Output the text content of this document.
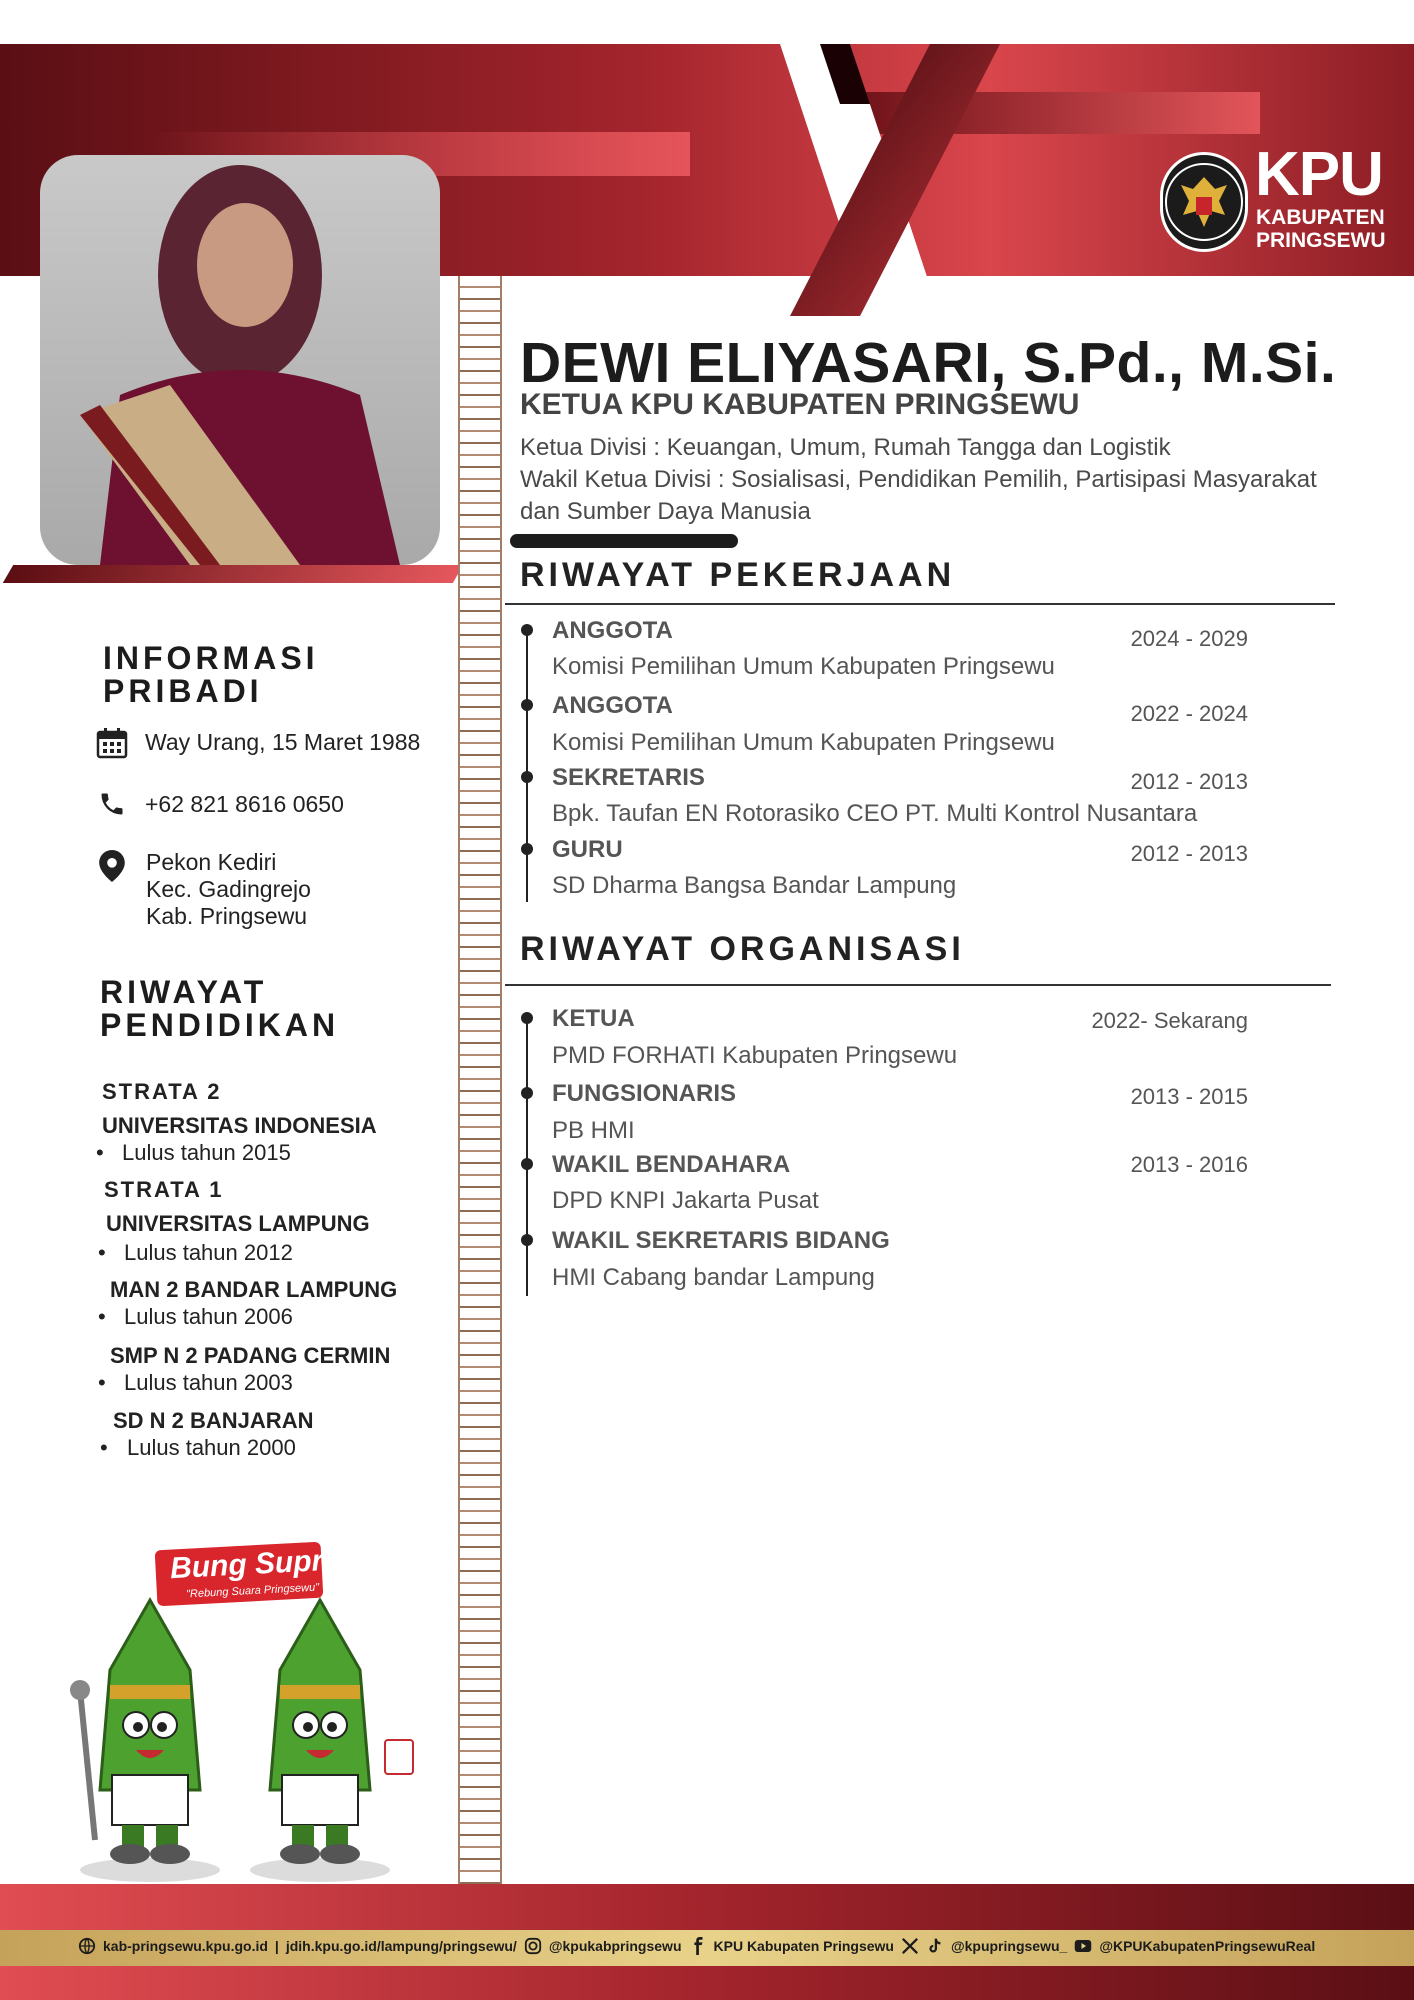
KPU
KABUPATEN
PRINGSEWU
DEWI ELIYASARI, S.Pd., M.Si.
KETUA KPU KABUPATEN PRINGSEWU
Ketua Divisi : Keuangan, Umum, Rumah Tangga dan Logistik
Wakil Ketua Divisi : Sosialisasi, Pendidikan Pemilih, Partisipasi Masyarakat
dan Sumber Daya Manusia
RIWAYAT PEKERJAAN
ANGGOTA
Komisi Pemilihan Umum Kabupaten Pringsewu
2024 - 2029
ANGGOTA
Komisi Pemilihan Umum Kabupaten Pringsewu
2022 - 2024
SEKRETARIS
Bpk. Taufan EN Rotorasiko CEO PT. Multi Kontrol Nusantara
2012 - 2013
GURU
SD Dharma Bangsa Bandar Lampung
2012 - 2013
RIWAYAT ORGANISASI
KETUA
PMD FORHATI Kabupaten Pringsewu
2022- Sekarang
FUNGSIONARIS
PB HMI
2013 - 2015
WAKIL BENDAHARA
DPD KNPI Jakarta Pusat
2013 - 2016
WAKIL SEKRETARIS BIDANG
HMI Cabang bandar Lampung
INFORMASI
PRIBADI
Way Urang, 15 Maret 1988
+62 821 8616 0650
Pekon Kediri
Kec. Gadingrejo
Kab. Pringsewu
RIWAYAT
PENDIDIKAN
STRATA 2
UNIVERSITAS INDONESIA
• Lulus tahun 2015
STRATA 1
UNIVERSITAS LAMPUNG
• Lulus tahun 2012
MAN 2 BANDAR LAMPUNG
• Lulus tahun 2006
SMP N 2 PADANG CERMIN
• Lulus tahun 2003
SD N 2 BANJARAN
• Lulus tahun 2000
Bung Supri
"Rebung Suara Pringsewu"
kab-pringsewu.kpu.go.id | jdih.kpu.go.id/lampung/pringsewu/ @kpukabpringsewu KPU Kabupaten Pringsewu	@kpupringsewu_ @KPUKabupatenPringsewuReal
